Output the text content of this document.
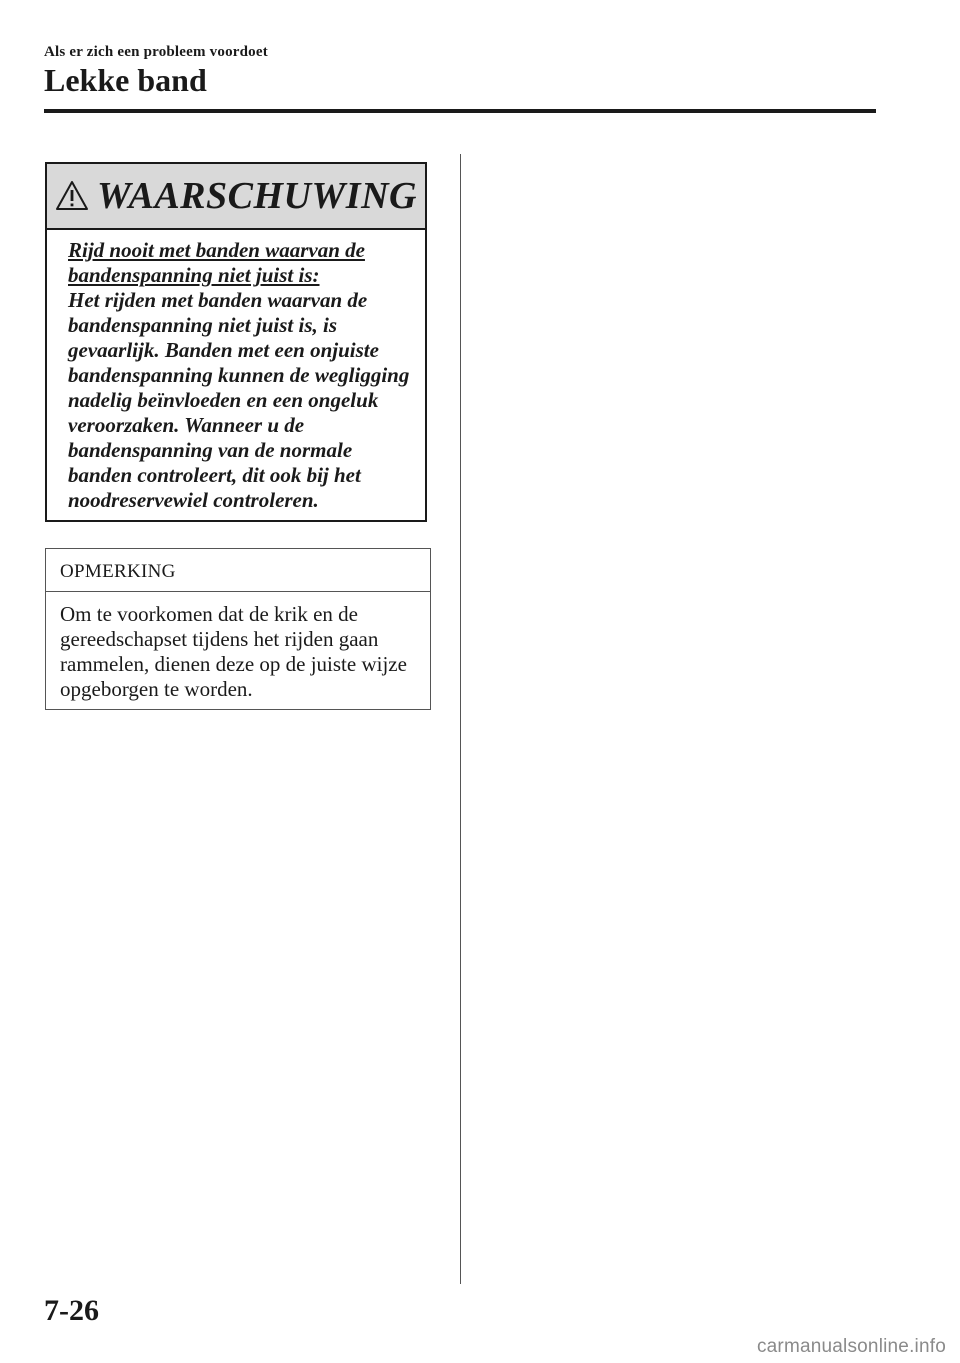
Als er zich een probleem voordoet
Lekke band
WAARSCHUWING
Rijd nooit met banden waarvan de bandenspanning niet juist is:
Het rijden met banden waarvan de bandenspanning niet juist is, is gevaarlijk. Banden met een onjuiste bandenspanning kunnen de wegligging nadelig beïnvloeden en een ongeluk veroorzaken. Wanneer u de bandenspanning van de normale banden controleert, dit ook bij het noodreservewiel controleren.
OPMERKING
Om te voorkomen dat de krik en de gereedschapset tijdens het rijden gaan rammelen, dienen deze op de juiste wijze opgeborgen te worden.
7-26
carmanualsonline.info
